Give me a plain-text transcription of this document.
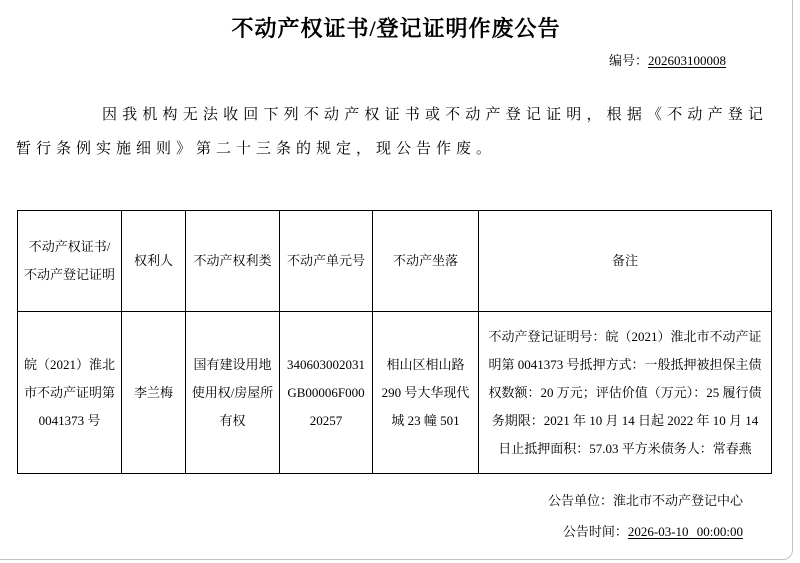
不动产权证书/登记证明作废公告
编号：202603100008

因我机构无法收回下列不动产权证书或不动产登记证明，根据《不动产登记暂行条例实施细则》第二十三条的规定，现公告作废。

不动产权证书/不动产登记证明	权利人	不动产权利类	不动产单元号	不动产坐落	备注
皖（2021）淮北市不动产证明第 0041373 号	李兰梅	国有建设用地使用权/房屋所有权	340603002031GB00006F00020257	相山区相山路 290 号大华现代城 23 幢 501	不动产登记证明号：皖（2021）淮北市不动产证明第 0041373 号抵押方式：一般抵押被担保主债权数额：20 万元；评估价值（万元）：25 履行债务期限：2021 年 10 月 14 日起 2022 年 10 月 14 日止抵押面积：57.03 平方米债务人：常春燕
公告单位：淮北市不动产登记中心
公告时间：2026-03-10 00:00:00
